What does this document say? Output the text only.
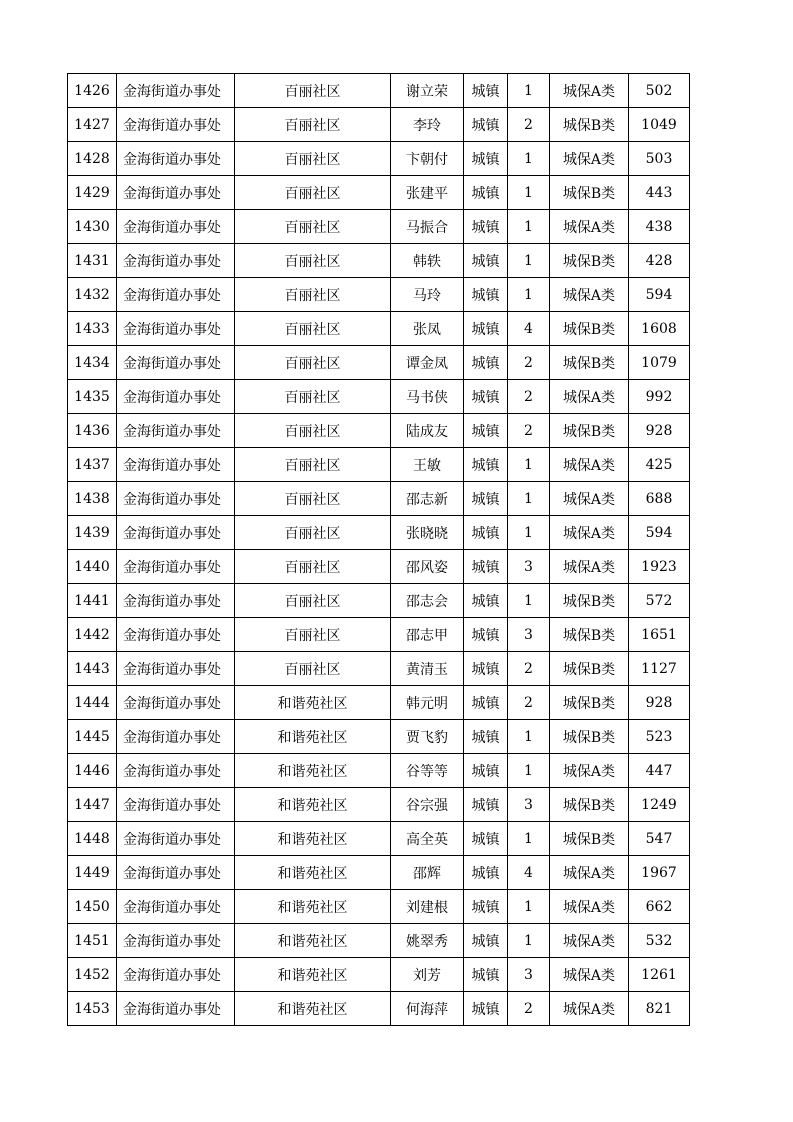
1426	金海街道办事处	百丽社区	谢立荣	城镇	1	城保A类	502
1427	金海街道办事处	百丽社区	李玲	城镇	2	城保B类	1049
1428	金海街道办事处	百丽社区	卞朝付	城镇	1	城保A类	503
1429	金海街道办事处	百丽社区	张建平	城镇	1	城保B类	443
1430	金海街道办事处	百丽社区	马振合	城镇	1	城保A类	438
1431	金海街道办事处	百丽社区	韩轶	城镇	1	城保B类	428
1432	金海街道办事处	百丽社区	马玲	城镇	1	城保A类	594
1433	金海街道办事处	百丽社区	张凤	城镇	4	城保B类	1608
1434	金海街道办事处	百丽社区	谭金凤	城镇	2	城保B类	1079
1435	金海街道办事处	百丽社区	马书侠	城镇	2	城保A类	992
1436	金海街道办事处	百丽社区	陆成友	城镇	2	城保B类	928
1437	金海街道办事处	百丽社区	王敏	城镇	1	城保A类	425
1438	金海街道办事处	百丽社区	邵志新	城镇	1	城保A类	688
1439	金海街道办事处	百丽社区	张晓晓	城镇	1	城保A类	594
1440	金海街道办事处	百丽社区	邵风姿	城镇	3	城保A类	1923
1441	金海街道办事处	百丽社区	邵志会	城镇	1	城保B类	572
1442	金海街道办事处	百丽社区	邵志甲	城镇	3	城保B类	1651
1443	金海街道办事处	百丽社区	黄清玉	城镇	2	城保B类	1127
1444	金海街道办事处	和谐苑社区	韩元明	城镇	2	城保B类	928
1445	金海街道办事处	和谐苑社区	贾飞豹	城镇	1	城保B类	523
1446	金海街道办事处	和谐苑社区	谷等等	城镇	1	城保A类	447
1447	金海街道办事处	和谐苑社区	谷宗强	城镇	3	城保B类	1249
1448	金海街道办事处	和谐苑社区	高全英	城镇	1	城保B类	547
1449	金海街道办事处	和谐苑社区	邵辉	城镇	4	城保A类	1967
1450	金海街道办事处	和谐苑社区	刘建根	城镇	1	城保A类	662
1451	金海街道办事处	和谐苑社区	姚翠秀	城镇	1	城保A类	532
1452	金海街道办事处	和谐苑社区	刘芳	城镇	3	城保A类	1261
1453	金海街道办事处	和谐苑社区	何海萍	城镇	2	城保A类	821
